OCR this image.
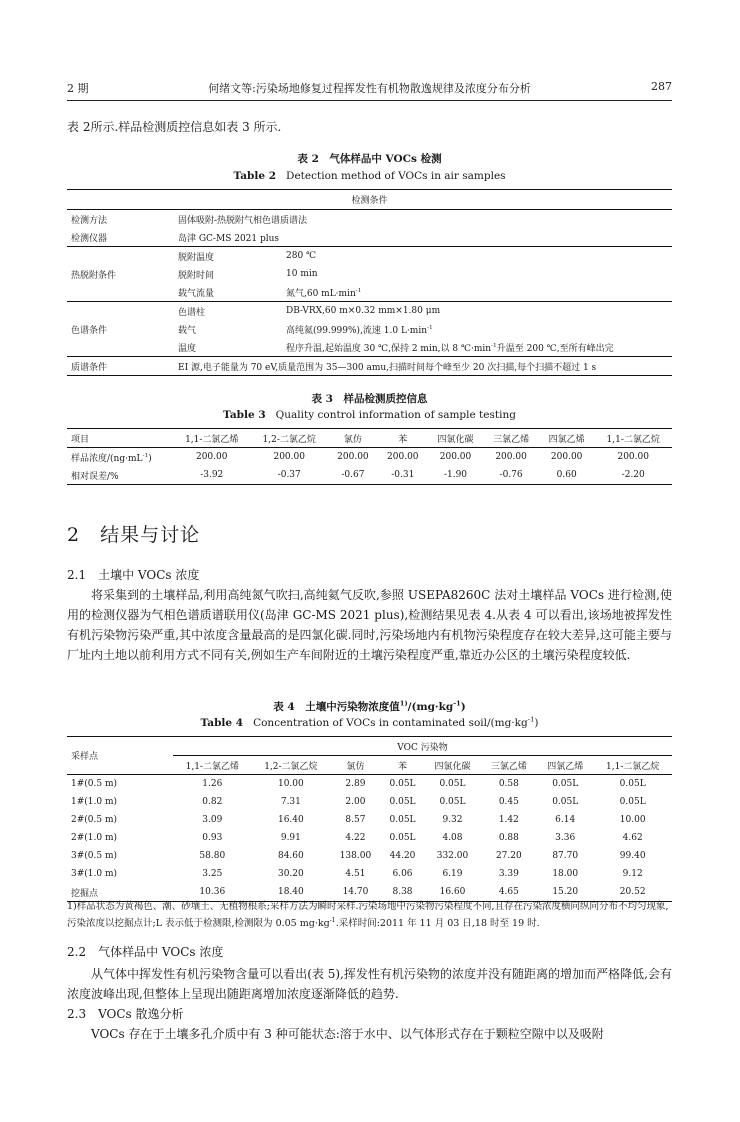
2 期	何绪文等:污染场地修复过程挥发性有机物散逸规律及浓度分布分析	287
表 2所示.样品检测质控信息如表 3 所示.
表 2　气体样品中 VOCs 检测
Table 2 Detection method of VOCs in air samples
检测条件		
检测方法	固体吸附-热脱附气相色谱质谱法	
检测仪器	岛津 GC-MS 2021 plus	
热脱附条件	脱附温度	280 ℃
	脱附时间	10 min
	载气流量	氮气,60 $mL\cdot\min^{-1}$
色谱条件	色谱柱	DB-VRX,60 m×0.32 mm×1.80 μm
	载气	高纯氦(99.999%),流速 1.0 $L\cdot\min^{-1}$
	温度	程序升温,起始温度 30 ℃,保持 2 min,以 8 $℃\cdot\min^{-1}$升温至 200 ℃,至所有峰出完
质谱条件	EI 源,电子能量为 70 eV,质量范围为 35—300 amu,扫描时间每个峰至少 20 次扫描,每个扫描不超过 1 s	
表 3　样品检测质控信息
Table 3 Quality control information of sample testing
项目	1,1-二氯乙烯	1,2-二氯乙烷	氯仿	苯	四氯化碳	三氯乙烯	四氯乙烯	1,1-二氯乙烷
样品浓度$/(ng\cdot mL^{-1})$	200.00	200.00	200.00	200.00	200.00	200.00	200.00	200.00
相对误差/%	-3.92	-0.37	-0.67	-0.31	-1.90	-0.76	0.60	-2.20
2　结果与讨论
2.1　土壤中 VOCs 浓度
将采集到的土壤样品,利用高纯氮气吹扫,高纯氦气反吹,参照 USEPA8260C 法对土壤样品 VOCs 进行检测,使用的检测仪器为气相色谱质谱联用仪(岛津 GC-MS 2021 plus),检测结果见表 4.从表 4 可以看出,该场地被挥发性有机污染物污染严重,其中浓度含量最高的是四氯化碳.同时,污染场地内有机物污染程度存在较大差异,这可能主要与厂址内土地以前利用方式不同有关,例如生产车间附近的土壤污染程度严重,靠近办公区的土壤污染程度较低.
表 4　土壤中污染物浓度值$^{1)}/(mg\cdot kg^{-1})$
Table 4 Concentration of VOCs in contaminated soil/$(mg\cdot kg^{-1})$
采样点	VOC 污染物							
	1,1-二氯乙烯	1,2-二氯乙烷	氯仿	苯	四氯化碳	三氯乙烯	四氯乙烯	1,1-二氯乙烷
1#(0.5 m)	1.26	10.00	2.89	0.05L	0.05L	0.58	0.05L	0.05L
1#(1.0 m)	0.82	7.31	2.00	0.05L	0.05L	0.45	0.05L	0.05L
2#(0.5 m)	3.09	16.40	8.57	0.05L	9.32	1.42	6.14	10.00
2#(1.0 m)	0.93	9.91	4.22	0.05L	4.08	0.88	3.36	4.62
3#(0.5 m)	58.80	84.60	138.00	44.20	332.00	27.20	87.70	99.40
3#(1.0 m)	3.25	30.20	4.51	6.06	6.19	3.39	18.00	9.12
挖掘点	10.36	18.40	14.70	8.38	16.60	4.65	15.20	20.52
1)样品状态为黄褐色、潮、砂壤土、无植物根系;采样方法为瞬时采样.污染场地中污染物污染程度不同,且存在污染浓度横向纵向分布不均匀现象,污染浓度以挖掘点计;L 表示低于检测限,检测限为 0.05 $mg\cdot kg^{-1}$.采样时间:2011 年 11 月 03 日,18 时至 19 时.
2.2　气体样品中 VOCs 浓度
从气体中挥发性有机污染物含量可以看出(表 5),挥发性有机污染物的浓度并没有随距离的增加而严格降低,会有浓度波峰出现,但整体上呈现出随距离增加浓度逐渐降低的趋势.
2.3　VOCs 散逸分析
VOCs 存在于土壤多孔介质中有 3 种可能状态:溶于水中、以气体形式存在于颗粒空隙中以及吸附
